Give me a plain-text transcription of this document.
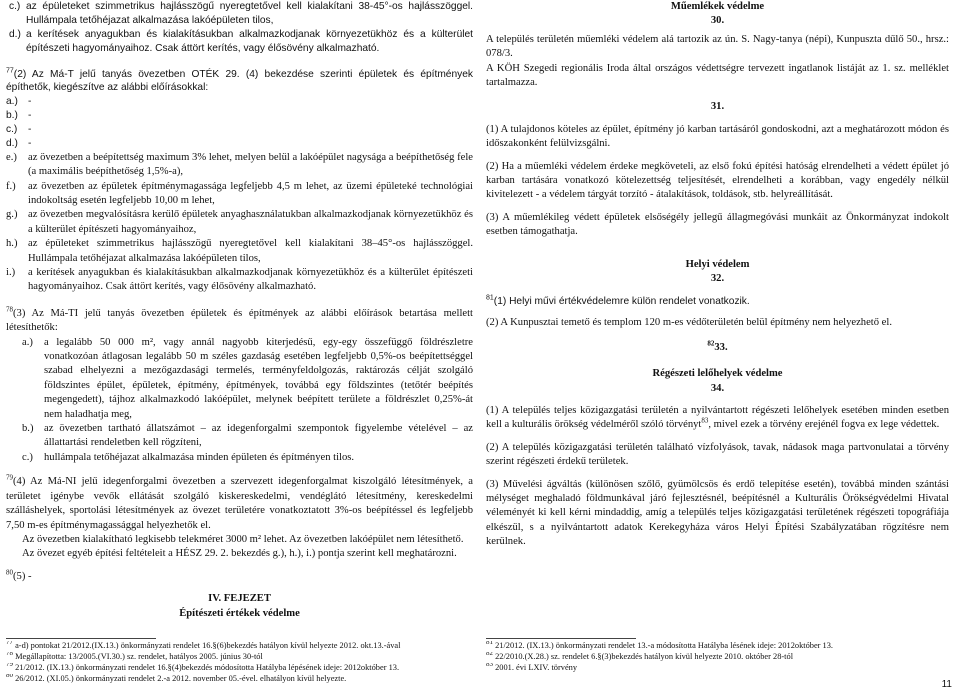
c.) az épületeket szimmetrikus hajlásszögű nyeregtetővel kell kialakítani 38-45°-os hajlásszöggel. Hullámpala tetőhéjazat alkalmazása lakóépületen tilos,
d.) a kerítések anyagukban és kialakításukban alkalmazkodjanak környezetükhöz és a külterület építészeti hagyományaihoz. Csak áttört kerítés, vagy élősövény alkalmazható.
$^{77}$(2) Az Má-T jelű tanyás övezetben OTÉK 29. (4) bekezdése szerinti épületek és építmények építhetők, kiegészítve az alábbi előírásokkal:
a.) -
b.) -
c.)	-
d.) -
e.)	az övezetben a beépítettség maximum 3% lehet, melyen belül a lakóépület nagysága a beépíthetőség fele (a maximális beépíthetőség 1,5%-a),
f.)	az övezetben az épületek építménymagassága legfeljebb 4,5 m lehet, az üzemi épületeké technológiai indokoltság esetén legfeljebb 10,00 m lehet,
g.) az övezetben megvalósításra kerülő épületek anyaghasználatukban alkalmazkodjanak környezetükhöz és a külterület építészeti hagyományaihoz,
h.) az épületeket szimmetrikus hajlásszögű nyeregtetővel kell kialakítani 38–45°-os hajlásszöggel. Hullámpala tetőhéjazat alkalmazása lakóépületen tilos,
i.)	a kerítések anyagukban és kialakításukban alkalmazkodjanak környezetükhöz és a külterület építészeti hagyományaihoz. Csak áttört kerítés, vagy élősövény alkalmazható.
$^{78}$(3) Az Má-TI jelű tanyás övezetben épületek és építmények az alábbi előírások betartása mellett létesíthetők:
a.)	a legalább 50 000 m², vagy annál nagyobb kiterjedésű, egy-egy összefüggő földrészletre vonatkozóan átlagosan legalább 50 m széles gazdaság esetében legfeljebb 0,5%-os beépítettséggel szabad elhelyezni a mezőgazdasági termelés, terményfeldolgozás, raktározás célját szolgáló földszintes épület, épületek, építmény, építmények, továbbá egy földszintes (tetőtér beépítés megengedett), tájhoz alkalmazkodó lakóépület, melynek beépített területe a földrészlet 0,25%-át nem haladhatja meg,
b.) az övezetben tartható állatszámot – az idegenforgalmi szempontok figyelembe vételével – az állattartási rendeletben kell rögzíteni,
c.)	hullámpala tetőhéjazat alkalmazása minden épületen és építményen tilos.
$^{79}$(4) Az Má-NI jelű idegenforgalmi övezetben a szervezett idegenforgalmat kiszolgáló létesítmények, a területet igénybe vevők ellátását szolgáló kiskereskedelmi, vendéglátó létesítmény, kereskedelmi szálláshelyek, sportolási létesítmények az övezet területére vonatkoztatott 3%-os beépítéssel és legfeljebb 7,50 m-es építménymagassággal helyezhetők el.
Az övezetben kialakítható legkisebb telekméret 3000 m² lehet. Az övezetben lakóépület nem létesíthető.
Az övezet egyéb építési feltételeit a HÉSZ 29. 2. bekezdés g.), h.), i.) pontja szerint kell meghatározni.
$^{80}$(5) -
IV. FEJEZET
Építészeti értékek védelme
Műemlékek védelme
30.
A település területén műemléki védelem alá tartozik az ún. S. Nagy-tanya (népi), Kunpuszta dűlő 50., hrsz.: 078/3.
A KÖH Szegedi regionális Iroda által országos védettségre tervezett ingatlanok listáját az 1. sz. melléklet tartalmazza.
31.
(1) A tulajdonos köteles az épület, építmény jó karban tartásáról gondoskodni, azt a meghatározott módon és időszakonként felülvizsgálni.
(2) Ha a műemléki védelem érdeke megköveteli, az első fokú építési hatóság elrendelheti a védett épület jó karban tartására vonatkozó kötelezettség teljesítését, elrendelheti a korábban, vagy engedély nélkül kivitelezett - a védelem tárgyát torzító - átalakítások, toldások, stb. helyreállítását.
(3) A műemlékileg védett épületek elsőségély jellegű állagmegóvási munkáit az Önkormányzat indokolt esetben támogathatja.
Helyi védelem
32.
$^{81}$(1) Helyi művi értékvédelemre külön rendelet vonatkozik.
(2) A Kunpusztai temető és templom 120 m-es védőterületén belül építmény nem helyezhető el.
$^{82}$33.
Régészeti lelőhelyek védelme
34.
(1) A település teljes közigazgatási területén a nyilvántartott régészeti lelőhelyek esetében minden esetben kell a kulturális örökség védelméről szóló törvényt$^{83}$, mivel ezek a törvény erejénél fogva ex lege védettek.
(2) A település közigazgatási területén található vízfolyások, tavak, nádasok maga partvonulatai a törvény szerint régészeti érdekű területek.
(3) Művelési ágváltás (különösen szőlő, gyümölcsös és erdő telepítése esetén), továbbá minden szántási mélységet meghaladó földmunkával járó fejlesztésnél, beépítésnél a Kulturális Örökségvédelmi Hivatal véleményét ki kell kérni mindaddig, amíg a település teljes közigazgatási területének régészeti topográfiája elkészül, s a nyilvántartott adatok Kerekegyháza város Helyi Építési Szabályzatában rögzítésre nem kerülnek.
$^{77}$ a-d) pontokat 21/2012.(IX.13.) önkormányzati rendelet 16.§(6)bekezdés hatályon kívül helyezte 2012. okt.13.-ával
$^{78}$ Megállapította: 13/2005.(VI.30.) sz. rendelet, hatályos 2005. június 30-tól
$^{79}$ 21/2012. (IX.13.) önkormányzati rendelet 16.§(4)bekezdés módosította Hatályba lépésének ideje: 2012október 13.
$^{80}$ 26/2012. (XI.05.) önkormányzati rendelet 2.-a 2012. november 05.-ével. elhatályon kívül helyezte.
$^{81}$ 21/2012. (IX.13.) önkormányzati rendelet 13.-a módosította Hatályba lésének ideje: 2012október 13.
$^{82}$ 22/2010.(X.28.) sz. rendelet 6.§(3)bekezdés hatályon kívül helyezte 2010. október 28-tól
$^{83}$ 2001. évi LXIV. törvény
11
